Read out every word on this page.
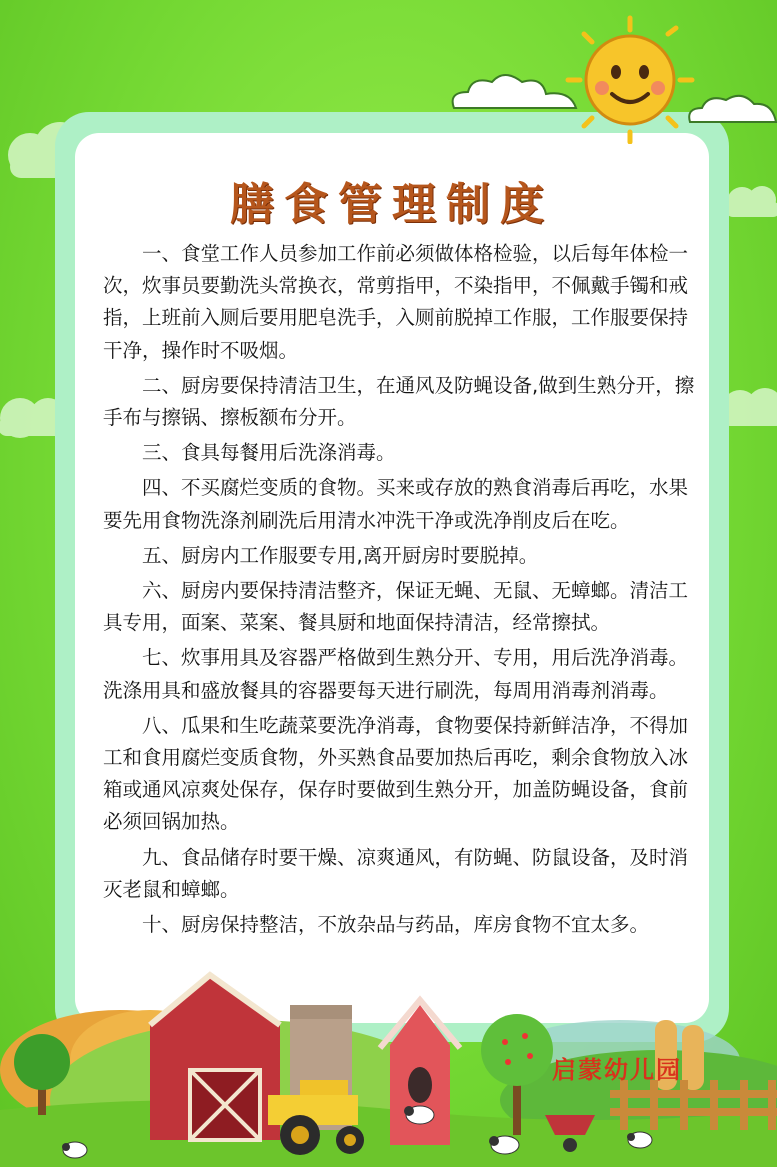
膳食管理制度

一、食堂工作人员参加工作前必须做体格检验，以后每年体检一次，炊事员要勤洗头常换衣，常剪指甲，不染指甲，不佩戴手镯和戒指，上班前入厕后要用肥皂洗手，入厕前脱掉工作服，工作服要保持干净，操作时不吸烟。

二、厨房要保持清洁卫生，在通风及防蝇设备,做到生熟分开，擦手布与擦锅、擦板额布分开。

三、食具每餐用后洗涤消毒。

四、不买腐烂变质的食物。买来或存放的熟食消毒后再吃，水果要先用食物洗涤剂刷洗后用清水冲洗干净或洗净削皮后在吃。

五、厨房内工作服要专用,离开厨房时要脱掉。

六、厨房内要保持清洁整齐，保证无蝇、无鼠、无蟑螂。清洁工具专用，面案、菜案、餐具厨和地面保持清洁，经常擦拭。

七、炊事用具及容器严格做到生熟分开、专用，用后洗净消毒。洗涤用具和盛放餐具的容器要每天进行刷洗，每周用消毒剂消毒。

八、瓜果和生吃蔬菜要洗净消毒，食物要保持新鲜洁净，不得加工和食用腐烂变质食物，外买熟食品要加热后再吃，剩余食物放入冰箱或通风凉爽处保存，保存时要做到生熟分开，加盖防蝇设备，食前必须回锅加热。

九、食品储存时要干燥、凉爽通风，有防蝇、防鼠设备，及时消灭老鼠和蟑螂。

十、厨房保持整洁，不放杂品与药品，库房食物不宜太多。

启蒙幼儿园
